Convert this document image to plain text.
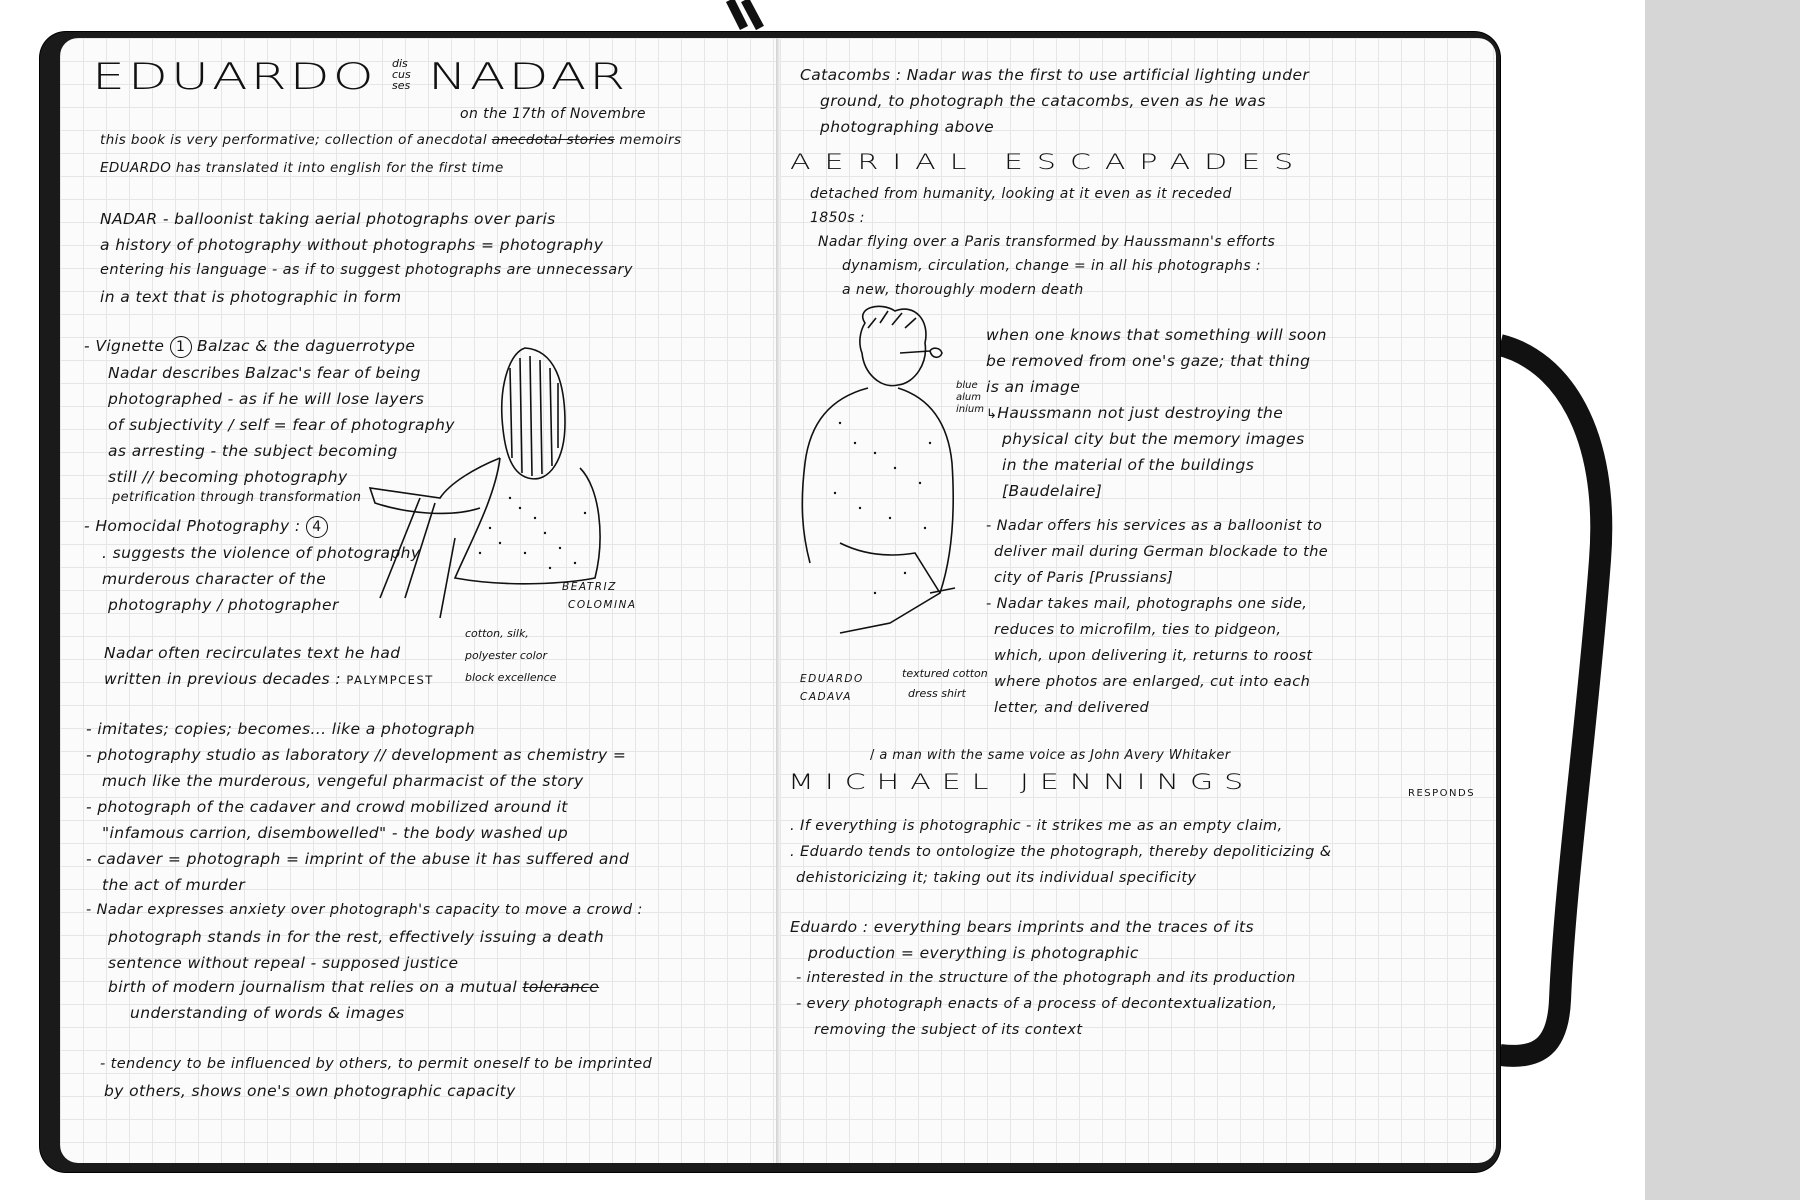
EDUARDO dis
cus
ses NADAR
on the 17th of Novembre
this book is very performative; collection of anecdotal anecdotal stories memoirs
EDUARDO has translated it into english for the first time
NADAR - balloonist taking aerial photographs over paris
a history of photography without photographs = photography
entering his language - as if to suggest photographs are unnecessary
in a text that is photographic in form
- Vignette 1 Balzac & the daguerrotype
Nadar describes Balzac's fear of being
photographed - as if he will lose layers
of subjectivity / self = fear of photography
as arresting - the subject becoming
still // becoming photography
petrification through transformation
- Homocidal Photography : 4
. suggests the violence of photography
murderous character of the
photography / photographer
Nadar often recirculates text he had
written in previous decades : PALYMPCEST
- imitates; copies; becomes... like a photograph
- photography studio as laboratory // development as chemistry =
much like the murderous, vengeful pharmacist of the story
- photograph of the cadaver and crowd mobilized around it
"infamous carrion, disembowelled" - the body washed up
- cadaver = photograph = imprint of the abuse it has suffered and
the act of murder
- Nadar expresses anxiety over photograph's capacity to move a crowd :
photograph stands in for the rest, effectively issuing a death
sentence without repeal - supposed justice
birth of modern journalism that relies on a mutual tolerance
understanding of words & images
- tendency to be influenced by others, to permit oneself to be imprinted
by others, shows one's own photographic capacity
BEATRIZ
COLOMINA
cotton, silk,
polyester color
block excellence
Catacombs : Nadar was the first to use artificial lighting under
ground, to photograph the catacombs, even as he was
photographing above
AERIAL ESCAPADES
detached from humanity, looking at it even as it receded
1850s :
Nadar flying over a Paris transformed by Haussmann's efforts
dynamism, circulation, change = in all his photographs :
a new, thoroughly modern death
when one knows that something will soon
be removed from one's gaze; that thing
is an image
↳Haussmann not just destroying the
physical city but the memory images
in the material of the buildings
[Baudelaire]
blue
alum
inium
EDUARDO
CADAVA
textured cotton
dress shirt
- Nadar offers his services as a balloonist to
deliver mail during German blockade to the
city of Paris [Prussians]
- Nadar takes mail, photographs one side,
reduces to microfilm, ties to pidgeon,
which, upon delivering it, returns to roost
where photos are enlarged, cut into each
letter, and delivered
/ a man with the same voice as John Avery Whitaker
MICHAEL JENNINGS	RESPONDS
. If everything is photographic - it strikes me as an empty claim,
. Eduardo tends to ontologize the photograph, thereby depoliticizing &
dehistoricizing it; taking out its individual specificity
Eduardo : everything bears imprints and the traces of its
production = everything is photographic
- interested in the structure of the photograph and its production
- every photograph enacts of a process of decontextualization,
removing the subject of its context
